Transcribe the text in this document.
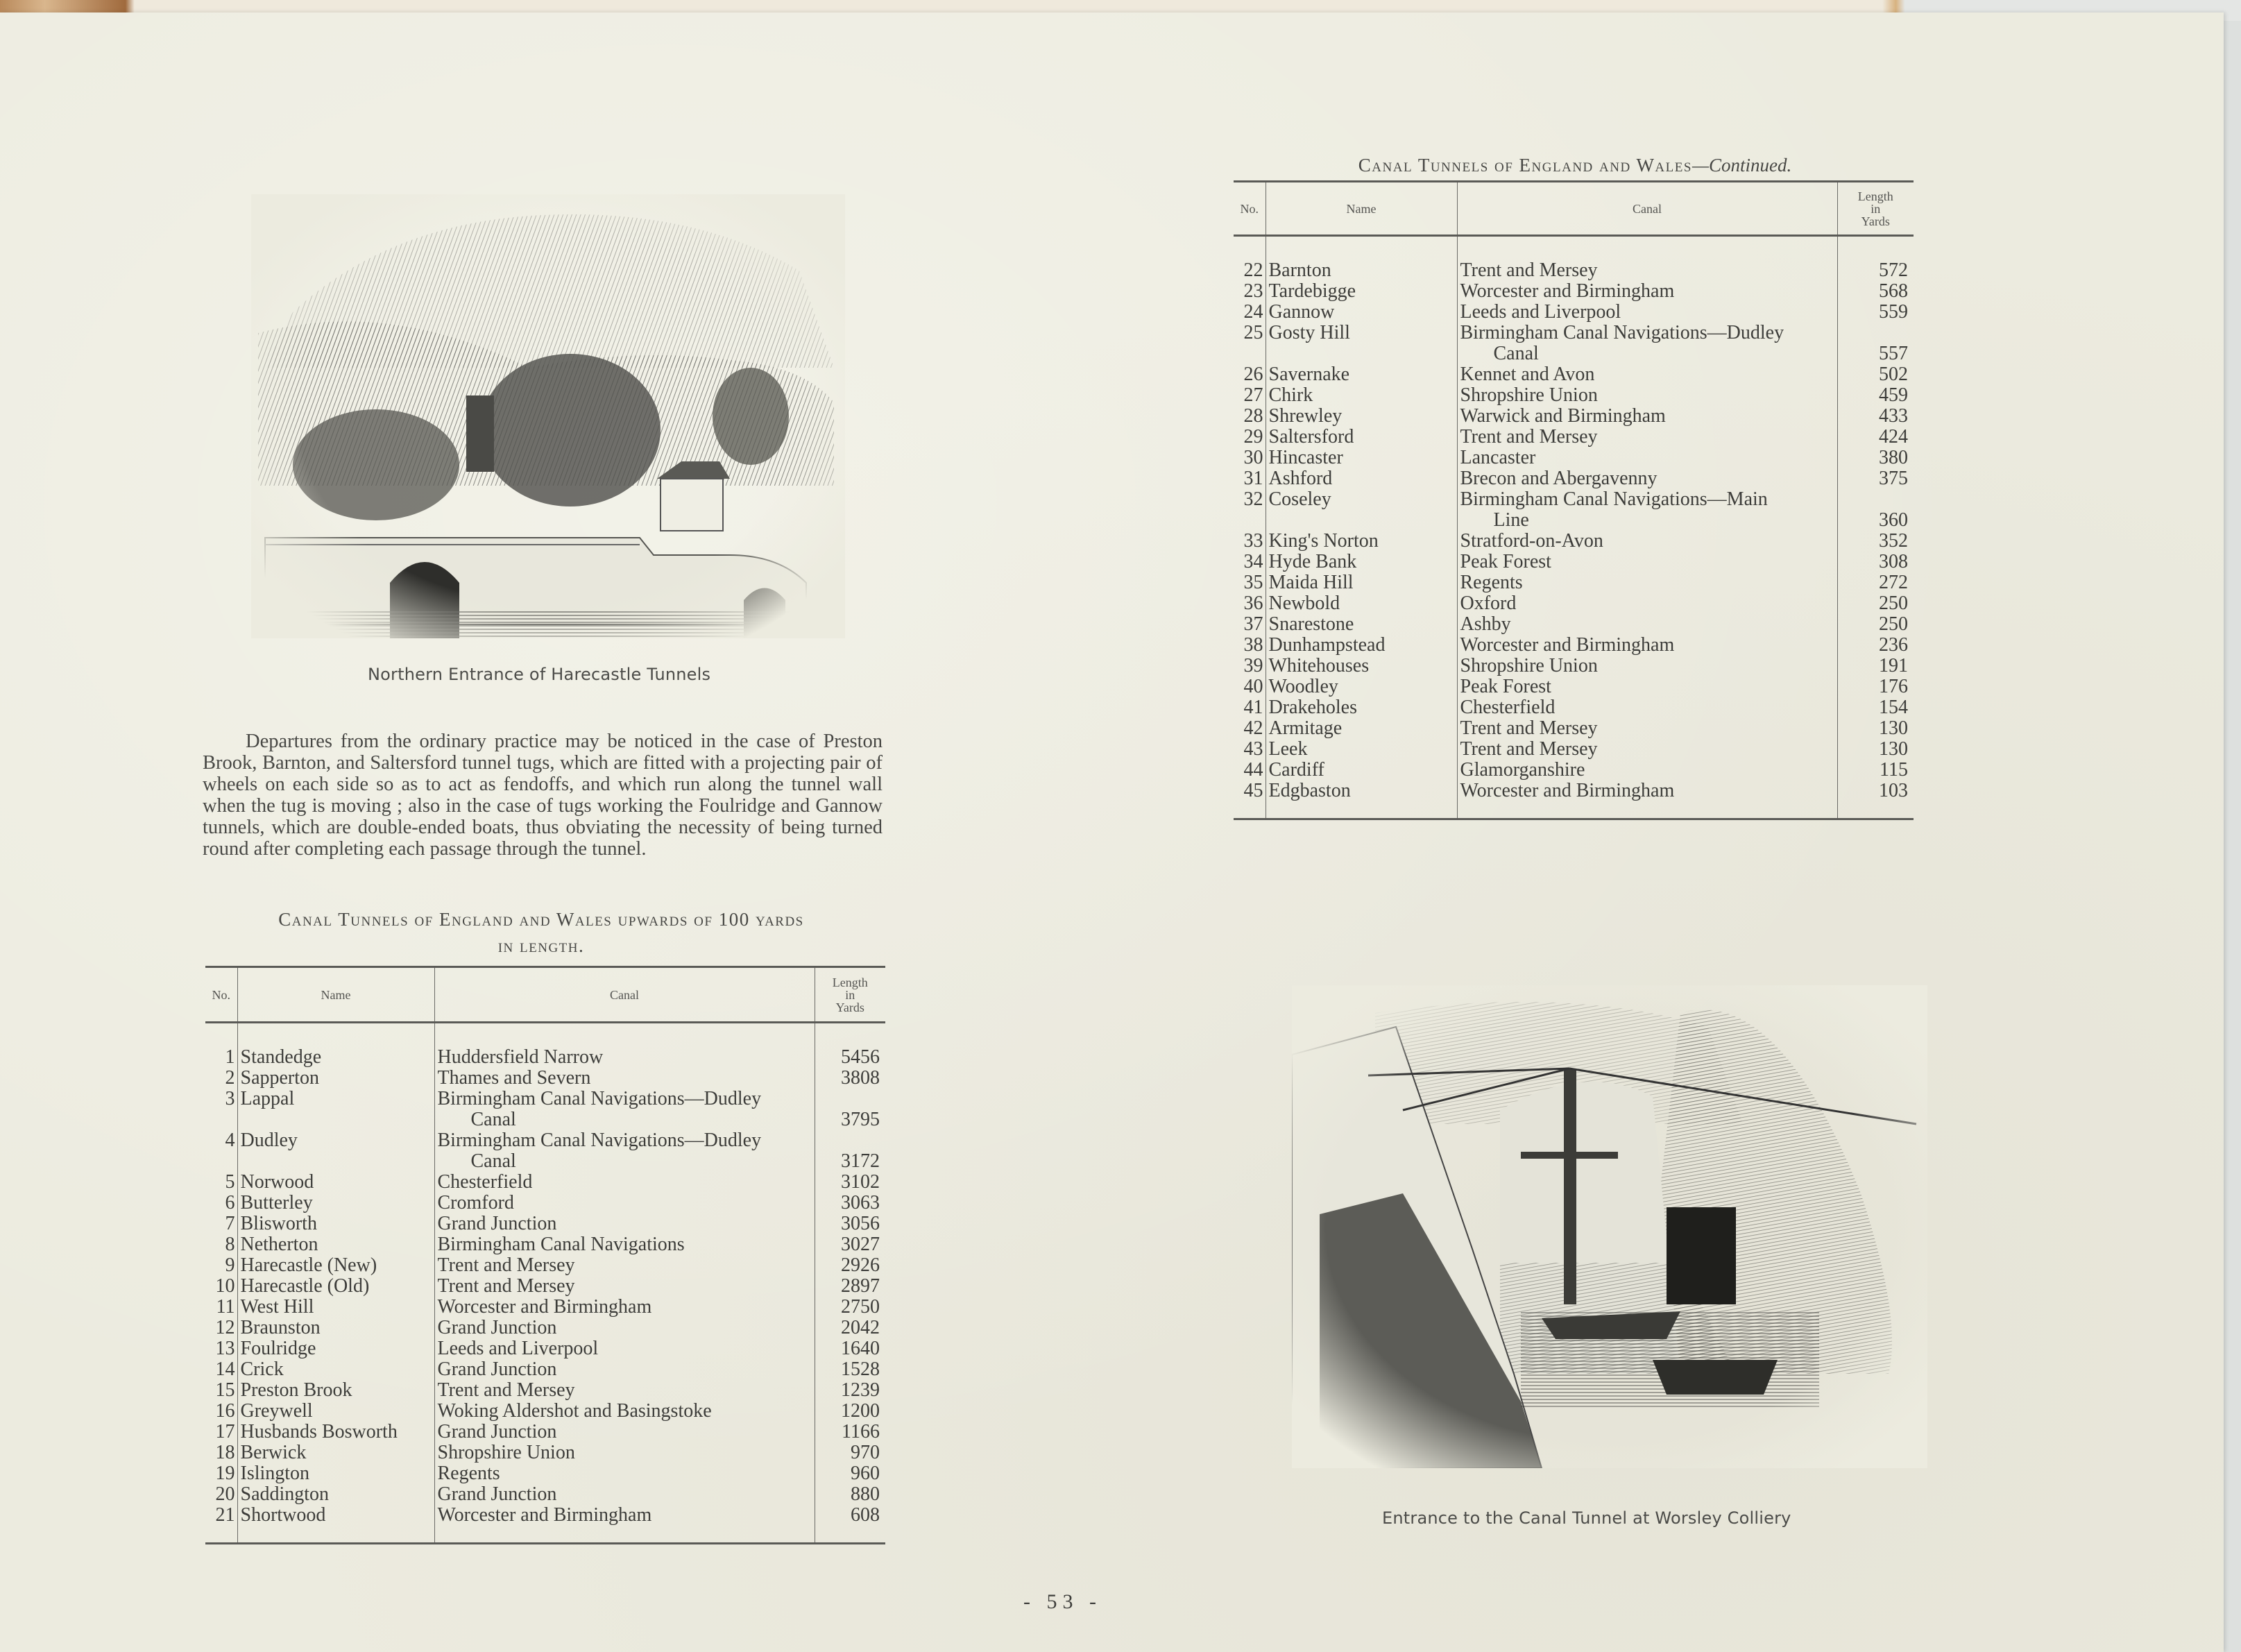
Northern Entrance of Harecastle Tunnels

Departures from the ordinary practice may be noticed in the case of Preston Brook, Barnton, and Saltersford tunnel tugs, which are fitted with a projecting pair of wheels on each side so as to act as fendoffs, and which run along the tunnel wall when the tug is moving ; also in the case of tugs working the Foulridge and Gannow tunnels, which are double-ended boats, thus obviating the necessity of being turned round after completing each passage through the tunnel.

Canal Tunnels of England and Wales upwards of 100 yards
in length.
No.	Name	Canal	Length
in
Yards

1	Standedge	Huddersfield Narrow	5456
2	Sapperton	Thames and Severn	3808
3	Lappal	Birmingham Canal Navigations—Dudley
Canal	3795
4	Dudley	Birmingham Canal Navigations—Dudley
Canal	3172
5	Norwood	Chesterfield	3102
6	Butterley	Cromford	3063
7	Blisworth	Grand Junction	3056
8	Netherton	Birmingham Canal Navigations	3027
9	Harecastle (New)	Trent and Mersey	2926
10	Harecastle (Old)	Trent and Mersey	2897
11	West Hill	Worcester and Birmingham	2750
12	Braunston	Grand Junction	2042
13	Foulridge	Leeds and Liverpool	1640
14	Crick	Grand Junction	1528
15	Preston Brook	Trent and Mersey	1239
16	Greywell	Woking Aldershot and Basingstoke	1200
17	Husbands Bosworth	Grand Junction	1166
18	Berwick	Shropshire Union	970
19	Islington	Regents	960
20	Saddington	Grand Junction	880
21	Shortwood	Worcester and Birmingham	608

Canal Tunnels of England and Wales—Continued.
No.	Name	Canal	Length
in
Yards

22	Barnton	Trent and Mersey	572
23	Tardebigge	Worcester and Birmingham	568
24	Gannow	Leeds and Liverpool	559
25	Gosty Hill	Birmingham Canal Navigations—Dudley
Canal	557
26	Savernake	Kennet and Avon	502
27	Chirk	Shropshire Union	459
28	Shrewley	Warwick and Birmingham	433
29	Saltersford	Trent and Mersey	424
30	Hincaster	Lancaster	380
31	Ashford	Brecon and Abergavenny	375
32	Coseley	Birmingham Canal Navigations—Main
Line	360
33	King's Norton	Stratford-on-Avon	352
34	Hyde Bank	Peak Forest	308
35	Maida Hill	Regents	272
36	Newbold	Oxford	250
37	Snarestone	Ashby	250
38	Dunhampstead	Worcester and Birmingham	236
39	Whitehouses	Shropshire Union	191
40	Woodley	Peak Forest	176
41	Drakeholes	Chesterfield	154
42	Armitage	Trent and Mersey	130
43	Leek	Trent and Mersey	130
44	Cardiff	Glamorganshire	115
45	Edgbaston	Worcester and Birmingham	103

Entrance to the Canal Tunnel at Worsley Colliery
- 53 -
